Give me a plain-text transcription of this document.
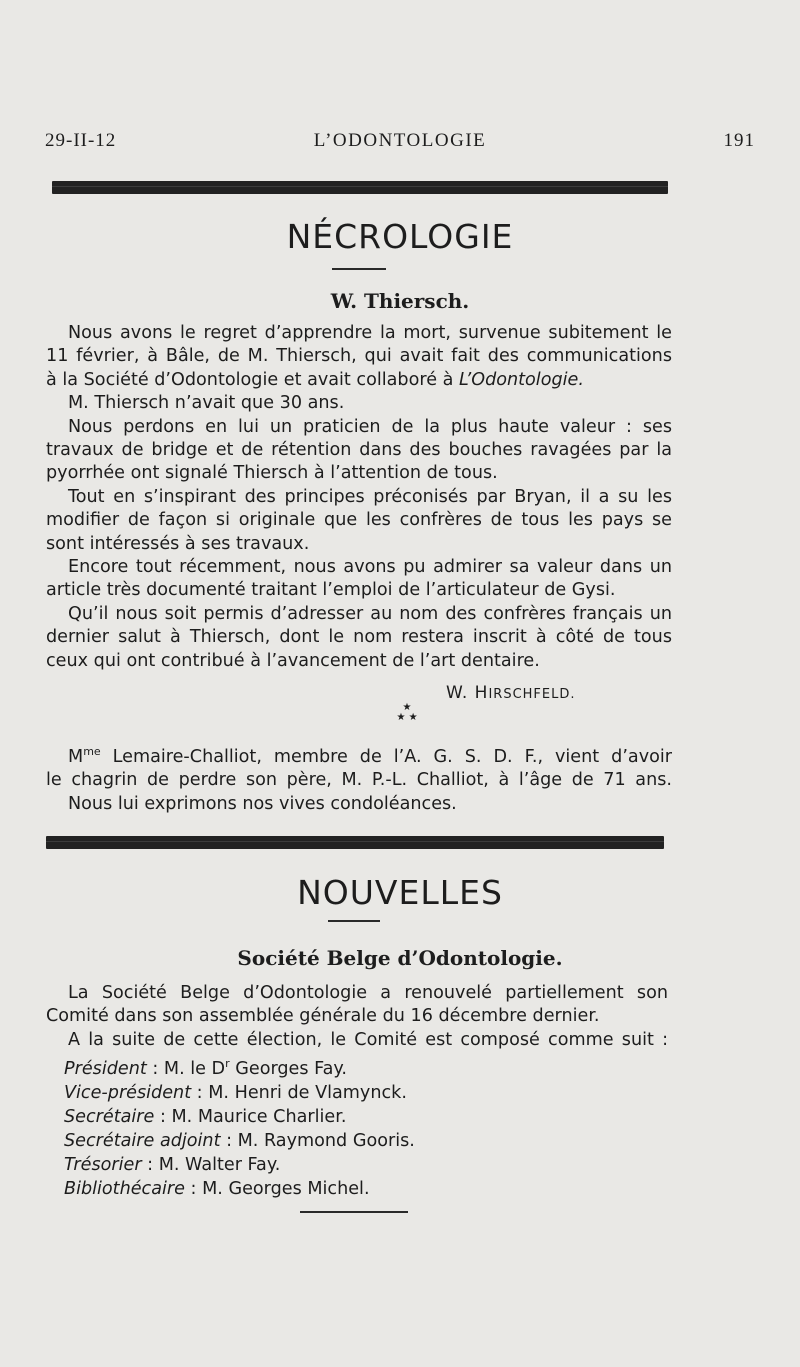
29-II-12	L’ODONTOLOGIE	191
NÉCROLOGIE
W. Thiersch.
Nous avons le regret d’apprendre la mort, survenue subitement le
11 février, à Bâle, de M. Thiersch, qui avait fait des communications
à la Société d’Odontologie et avait collaboré à L’Odontologie.
M. Thiersch n’avait que 30 ans.
Nous perdons en lui un praticien de la plus haute valeur : ses
travaux de bridge et de rétention dans des bouches ravagées par la
pyorrhée ont signalé Thiersch à l’attention de tous.
Tout en s’inspirant des principes préconisés par Bryan, il a su les
modifier de façon si originale que les confrères de tous les pays se
sont intéressés à ses travaux.
Encore tout récemment, nous avons pu admirer sa valeur dans un
article très documenté traitant l’emploi de l’articulateur de Gysi.
Qu’il nous soit permis d’adresser au nom des confrères français un
dernier salut à Thiersch, dont le nom restera inscrit à côté de tous
ceux qui ont contribué à l’avancement de l’art dentaire.
W. HIRSCHFELD.
★
★ ★
$M^{me}$ Lemaire-Challiot, membre de l’A. G. S. D. F., vient d’avoir
le chagrin de perdre son père, M. P.-L. Challiot, à l’âge de 71 ans.
Nous lui exprimons nos vives condoléances.
NOUVELLES
Société Belge d’Odontologie.
La Société Belge d’Odontologie a renouvelé partiellement son
Comité dans son assemblée générale du 16 décembre dernier.
A la suite de cette élection, le Comité est composé comme suit :
Président : M. le $D^r$ Georges Fay.
Vice-président : M. Henri de Vlamynck.
Secrétaire : M. Maurice Charlier.
Secrétaire adjoint : M. Raymond Gooris.
Trésorier : M. Walter Fay.
Bibliothécaire : M. Georges Michel.
